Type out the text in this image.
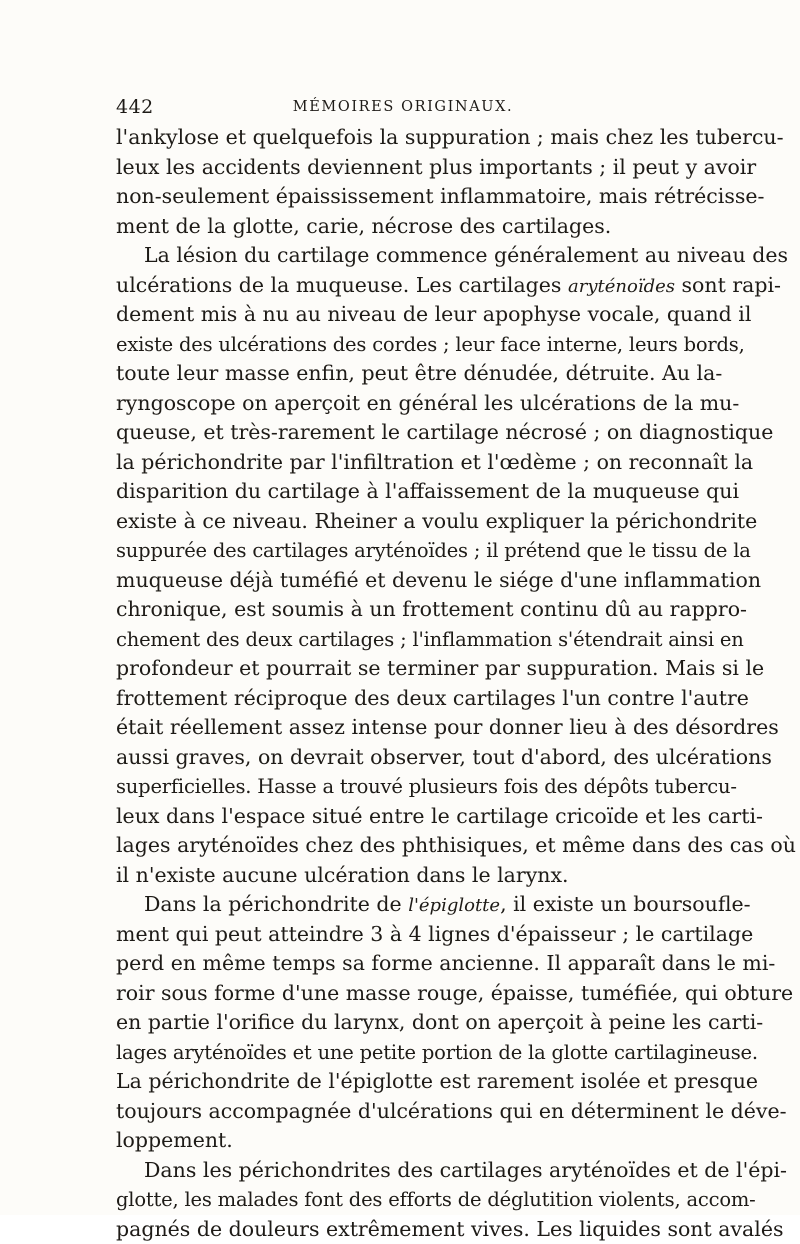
442	MÉMOIRES ORIGINAUX.
l'ankylose et quelquefois la suppuration ; mais chez les tubercu-
leux les accidents deviennent plus importants ; il peut y avoir
non-seulement épaississement inflammatoire, mais rétrécisse-
ment de la glotte, carie, nécrose des cartilages.
La lésion du cartilage commence généralement au niveau des
ulcérations de la muqueuse. Les cartilages aryténoïdes sont rapi-
dement mis à nu au niveau de leur apophyse vocale, quand il
existe des ulcérations des cordes ; leur face interne, leurs bords,
toute leur masse enfin, peut être dénudée, détruite. Au la-
ryngoscope on aperçoit en général les ulcérations de la mu-
queuse, et très-rarement le cartilage nécrosé ; on diagnostique
la périchondrite par l'infiltration et l'œdème ; on reconnaît la
disparition du cartilage à l'affaissement de la muqueuse qui
existe à ce niveau. Rheiner a voulu expliquer la périchondrite
suppurée des cartilages aryténoïdes ; il prétend que le tissu de la
muqueuse déjà tuméfié et devenu le siége d'une inflammation
chronique, est soumis à un frottement continu dû au rappro-
chement des deux cartilages ; l'inflammation s'étendrait ainsi en
profondeur et pourrait se terminer par suppuration. Mais si le
frottement réciproque des deux cartilages l'un contre l'autre
était réellement assez intense pour donner lieu à des désordres
aussi graves, on devrait observer, tout d'abord, des ulcérations
superficielles. Hasse a trouvé plusieurs fois des dépôts tubercu-
leux dans l'espace situé entre le cartilage cricoïde et les carti-
lages aryténoïdes chez des phthisiques, et même dans des cas où
il n'existe aucune ulcération dans le larynx.
Dans la périchondrite de l'épiglotte, il existe un boursoufle-
ment qui peut atteindre 3 à 4 lignes d'épaisseur ; le cartilage
perd en même temps sa forme ancienne. Il apparaît dans le mi-
roir sous forme d'une masse rouge, épaisse, tuméfiée, qui obture
en partie l'orifice du larynx, dont on aperçoit à peine les carti-
lages aryténoïdes et une petite portion de la glotte cartilagineuse.
La périchondrite de l'épiglotte est rarement isolée et presque
toujours accompagnée d'ulcérations qui en déterminent le déve-
loppement.
Dans les périchondrites des cartilages aryténoïdes et de l'épi-
glotte, les malades font des efforts de déglutition violents, accom-
pagnés de douleurs extrêmement vives. Les liquides sont avalés
